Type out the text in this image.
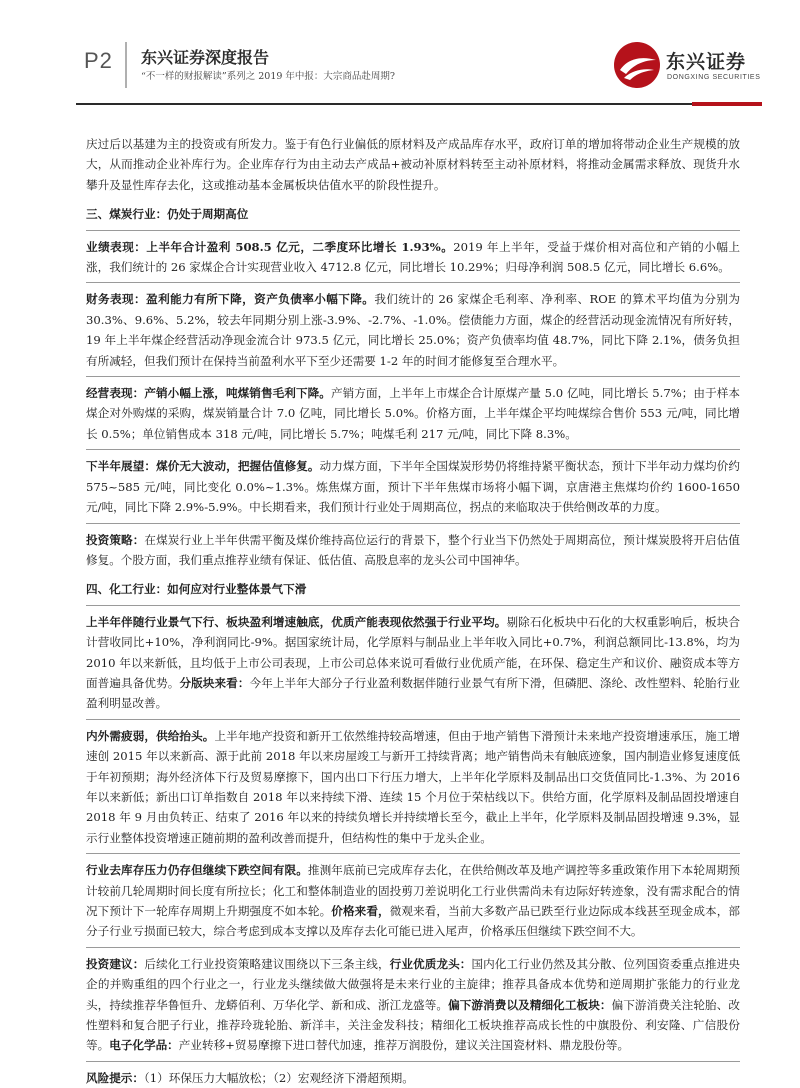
P2 东兴证券深度报告
“不一样的财报解读”系列之 2019 年中报：大宗商品赴周期?
东兴证券
DONGXING SECURITIES

庆过后以基建为主的投资或有所发力。鉴于有色行业偏低的原材料及产成品库存水平，政府订单的增加将带动企业生产规模的放大，从而推动企业补库行为。企业库存行为由主动去产成品+被动补原材料转至主动补原材料，将推动金属需求释放、现货升水攀升及显性库存去化，这或推动基本金属板块估值水平的阶段性提升。

三、煤炭行业：仍处于周期高位

业绩表现：上半年合计盈利 508.5 亿元，二季度环比增长 1.93%。2019 年上半年，受益于煤价相对高位和产销的小幅上涨，我们统计的 26 家煤企合计实现营业收入 4712.8 亿元，同比增长 10.29%；归母净利润 508.5 亿元，同比增长 6.6%。

财务表现：盈利能力有所下降，资产负债率小幅下降。我们统计的 26 家煤企毛利率、净利率、ROE 的算术平均值为分别为 30.3%、9.6%、5.2%，较去年同期分别上涨-3.9%、-2.7%、-1.0%。偿债能力方面，煤企的经营活动现金流情况有所好转，19 年上半年煤企经营活动净现金流合计 973.5 亿元，同比增长 25.0%；资产负债率均值 48.7%，同比下降 2.1%，债务负担有所减轻，但我们预计在保持当前盈利水平下至少还需要 1-2 年的时间才能修复至合理水平。

经营表现：产销小幅上涨，吨煤销售毛利下降。产销方面，上半年上市煤企合计原煤产量 5.0 亿吨，同比增长 5.7%；由于样本煤企对外购煤的采购，煤炭销量合计 7.0 亿吨，同比增长 5.0%。价格方面，上半年煤企平均吨煤综合售价 553 元/吨，同比增长 0.5%；单位销售成本 318 元/吨，同比增长 5.7%；吨煤毛利 217 元/吨，同比下降 8.3%。

下半年展望：煤价无大波动，把握估值修复。动力煤方面，下半年全国煤炭形势仍将维持紧平衡状态，预计下半年动力煤均价约 575~585 元/吨，同比变化 0.0%~1.3%。炼焦煤方面，预计下半年焦煤市场将小幅下调，京唐港主焦煤均价约 1600-1650 元/吨，同比下降 2.9%-5.9%。中长期看来，我们预计行业处于周期高位，拐点的来临取决于供给侧改革的力度。

投资策略：在煤炭行业上半年供需平衡及煤价维持高位运行的背景下，整个行业当下仍然处于周期高位，预计煤炭股将开启估值修复。个股方面，我们重点推荐业绩有保证、低估值、高股息率的龙头公司中国神华。

四、化工行业：如何应对行业整体景气下滑

上半年伴随行业景气下行、板块盈利增速触底，优质产能表现依然强于行业平均。剔除石化板块中石化的大权重影响后，板块合计营收同比+10%，净利润同比-9%。据国家统计局，化学原料与制品业上半年收入同比+0.7%，利润总额同比-13.8%，均为 2010 年以来新低，且均低于上市公司表现，上市公司总体来说可看做行业优质产能，在环保、稳定生产和议价、融资成本等方面普遍具备优势。分版块来看：今年上半年大部分子行业盈利数据伴随行业景气有所下滑，但磷肥、涤纶、改性塑料、轮胎行业盈利明显改善。

内外需疲弱，供给抬头。上半年地产投资和新开工依然维持较高增速，但由于地产销售下滑预计未来地产投资增速承压，施工增速创 2015 年以来新高、源于此前 2018 年以来房屋竣工与新开工持续背离；地产销售尚未有触底迹象，国内制造业修复速度低于年初预期；海外经济体下行及贸易摩擦下，国内出口下行压力增大，上半年化学原料及制品出口交货值同比-1.3%、为 2016 年以来新低；新出口订单指数自 2018 年以来持续下滑、连续 15 个月位于荣枯线以下。供给方面，化学原料及制品固投增速自 2018 年 9 月由负转正、结束了 2016 年以来的持续负增长并持续增长至今，截止上半年，化学原料及制品固投增速 9.3%，显示行业整体投资增速正随前期的盈利改善而提升，但结构性的集中于龙头企业。

行业去库存压力仍存但继续下跌空间有限。推测年底前已完成库存去化，在供给侧改革及地产调控等多重政策作用下本轮周期预计较前几轮周期时间长度有所拉长；化工和整体制造业的固投剪刀差说明化工行业供需尚未有边际好转迹象，没有需求配合的情况下预计下一轮库存周期上升期强度不如本轮。价格来看，微观来看，当前大多数产品已跌至行业边际成本线甚至现金成本，部分子行业亏损面已较大，综合考虑到成本支撑以及库存去化可能已进入尾声，价格承压但继续下跌空间不大。

投资建议：后续化工行业投资策略建议围绕以下三条主线，行业优质龙头：国内化工行业仍然及其分散、位列国资委重点推进央企的并购重组的四个行业之一，行业龙头继续做大做强将是未来行业的主旋律；推荐具备成本优势和逆周期扩张能力的行业龙头，持续推荐华鲁恒升、龙蟒佰利、万华化学、新和成、浙江龙盛等。偏下游消费以及精细化工板块：偏下游消费关注轮胎、改性塑料和复合肥子行业，推荐玲珑轮胎、新洋丰，关注金发科技；精细化工板块推荐高成长性的中旗股份、利安隆、广信股份等。电子化学品：产业转移+贸易摩擦下进口替代加速，推荐万润股份，建议关注国瓷材料、鼎龙股份等。

风险提示：（1）环保压力大幅放松；（2）宏观经济下滑超预期。
